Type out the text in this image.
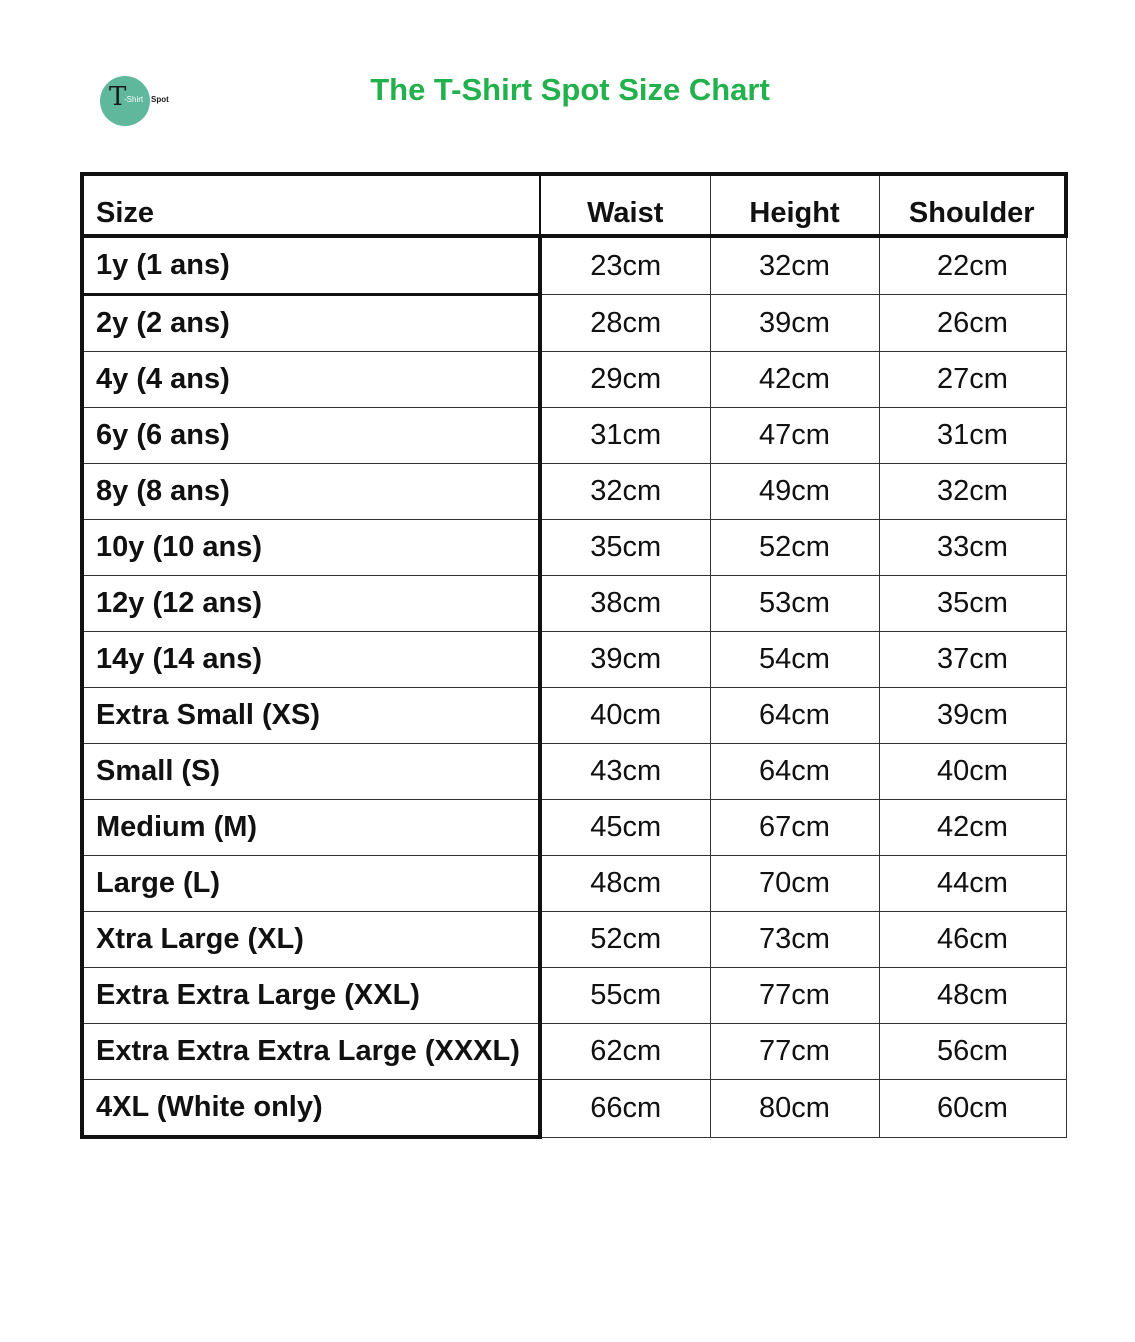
T
-Shirt Spot	The T-Shirt Spot Size Chart
Size	Waist	Height	Shoulder
1y (1 ans)	23cm	32cm	22cm
2y (2 ans)	28cm	39cm	26cm
4y (4 ans)	29cm	42cm	27cm
6y (6 ans)	31cm	47cm	31cm
8y (8 ans)	32cm	49cm	32cm
10y (10 ans)	35cm	52cm	33cm
12y (12 ans)	38cm	53cm	35cm
14y (14 ans)	39cm	54cm	37cm
Extra Small (XS)	40cm	64cm	39cm
Small (S)	43cm	64cm	40cm
Medium (M)	45cm	67cm	42cm
Large (L)	48cm	70cm	44cm
Xtra Large (XL)	52cm	73cm	46cm
Extra Extra Large (XXL)	55cm	77cm	48cm
Extra Extra Extra Large (XXXL)	62cm	77cm	56cm
4XL (White only)	66cm	80cm	60cm
